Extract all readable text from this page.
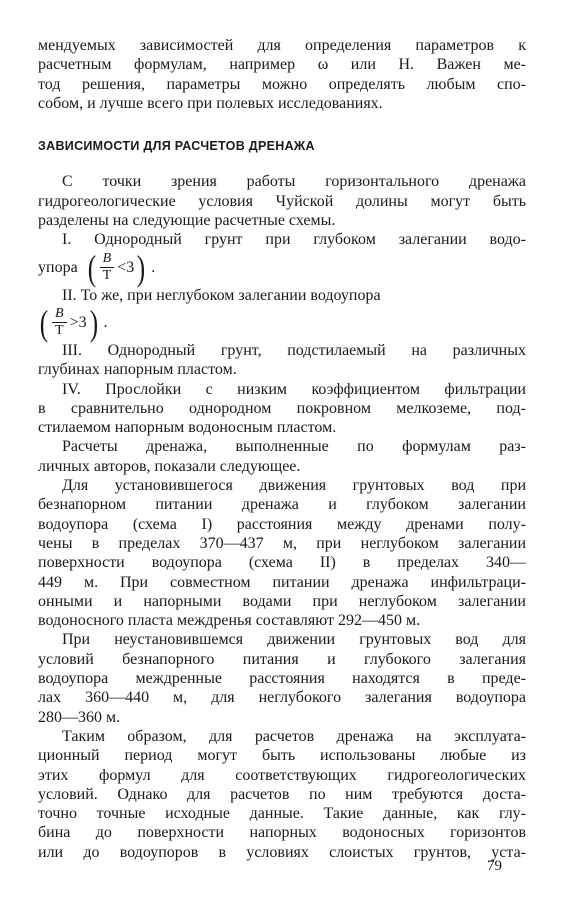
мендуемых зависимостей для определения параметров к
расчетным формулам, например ω или H. Важен ме-
тод решения, параметры можно определять любым спо-
собом, и лучше всего при полевых исследованиях.
ЗАВИСИМОСТИ ДЛЯ РАСЧЕТОВ ДРЕНАЖА
С точки зрения работы горизонтального дренажа
гидрогеологические условия Чуйской долины могут быть
разделены на следующие расчетные схемы.
I. Однородный грунт при глубоком залегании водо-
упора ( $\frac{B}{T} <3$ ) .
II. То же, при неглубоком залегании водоупора
( $\frac{B}{T} >3$ ) .
III. Однородный грунт, подстилаемый на различных
глубинах напорным пластом.
IV. Прослойки с низким коэффициентом фильтрации
в сравнительно однородном покровном мелкоземе, под-
стилаемом напорным водоносным пластом.
Расчеты дренажа, выполненные по формулам раз-
личных авторов, показали следующее.
Для установившегося движения грунтовых вод при
безнапорном питании дренажа и глубоком залегании
водоупора (схема I) расстояния между дренами полу-
чены в пределах 370—437 м, при неглубоком залегании
поверхности водоупора (схема II) в пределах 340—
449 м. При совместном питании дренажа инфильтраци-
онными и напорными водами при неглубоком залегании
водоносного пласта междренья составляют 292—450 м.
При неустановившемся движении грунтовых вод для
условий безнапорного питания и глубокого залегания
водоупора междренные расстояния находятся в преде-
лах 360—440 м, для неглубокого залегания водоупора
280—360 м.
Таким образом, для расчетов дренажа на эксплуата-
ционный период могут быть использованы любые из
этих формул для соответствующих гидрогеологических
условий. Однако для расчетов по ним требуются доста-
точно точные исходные данные. Такие данные, как глу-
бина до поверхности напорных водоносных горизонтов
или до водоупоров в условиях слоистых грунтов, уста-
79
